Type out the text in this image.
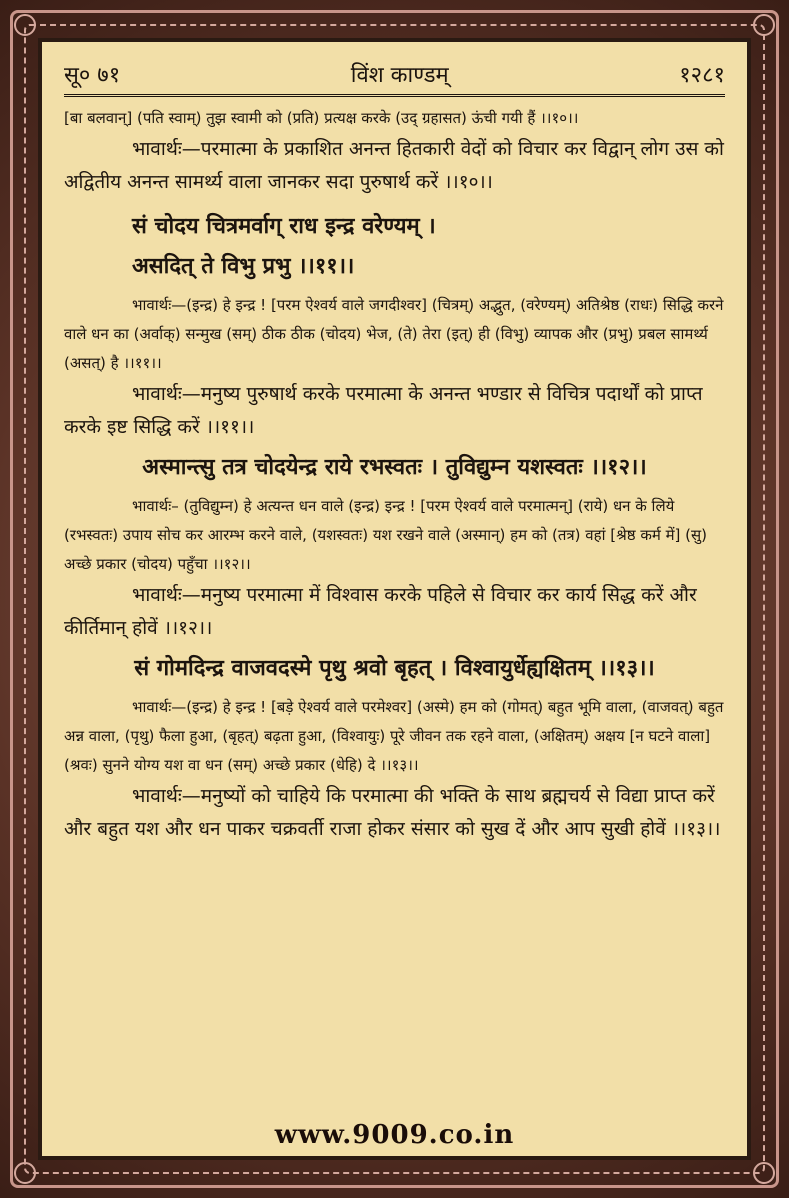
सू० ७१	विंश काण्डम्	१२८१

[बा बलवान्] (पति स्वाम्) तुझ स्वामी को (प्रति) प्रत्यक्ष करके (उद् ग्रहासत) ऊंची गयी हैं ।।१०।।

भावार्थः—परमात्मा के प्रकाशित अनन्त हितकारी वेदों को विचार कर विद्वान् लोग उस को अद्वितीय अनन्त सामर्थ्य वाला जानकर सदा पुरुषार्थ करें ।।१०।।

सं चोदय चित्रमर्वाग् राध इन्द्र वरेण्यम् ।

असदित् ते विभु प्रभु ।।११।।

भावार्थः—(इन्द्र) हे इन्द्र ! [परम ऐश्वर्य वाले जगदीश्वर] (चित्रम्) अद्भुत, (वरेण्यम्) अतिश्रेष्ठ (राधः) सिद्धि करने वाले धन का (अर्वाक्) सन्मुख (सम्) ठीक ठीक (चोदय) भेज, (ते) तेरा (इत्) ही (विभु) व्यापक और (प्रभु) प्रबल सामर्थ्य (असत्) है ।।११।।

भावार्थः—मनुष्य पुरुषार्थ करके परमात्मा के अनन्त भण्डार से विचित्र पदार्थों को प्राप्त करके इष्ट सिद्धि करें ।।११।।

अस्मान्त्सु तत्र चोदयेन्द्र राये रभस्वतः । तुविद्युम्न यशस्वतः ।।१२।।

भावार्थः– (तुविद्युम्न) हे अत्यन्त धन वाले (इन्द्र) इन्द्र ! [परम ऐश्वर्य वाले परमात्मन्] (राये) धन के लिये (रभस्वतः) उपाय सोच कर आरम्भ करने वाले, (यशस्वतः) यश रखने वाले (अस्मान्) हम को (तत्र) वहां [श्रेष्ठ कर्म में] (सु) अच्छे प्रकार (चोदय) पहुँचा ।।१२।।

भावार्थः—मनुष्य परमात्मा में विश्वास करके पहिले से विचार कर कार्य सिद्ध करें और कीर्तिमान् होवें ।।१२।।

सं गोमदिन्द्र वाजवदस्मे पृथु श्रवो बृहत् । विश्वायुर्धेह्यक्षितम् ।।१३।।

भावार्थः—(इन्द्र) हे इन्द्र ! [बड़े ऐश्वर्य वाले परमेश्वर] (अस्मे) हम को (गोमत्) बहुत भूमि वाला, (वाजवत्) बहुत अन्न वाला, (पृथु) फैला हुआ, (बृहत्) बढ़ता हुआ, (विश्वायुः) पूरे जीवन तक रहने वाला, (अक्षितम्) अक्षय [न घटने वाला] (श्रवः) सुनने योग्य यश वा धन (सम्) अच्छे प्रकार (धेहि) दे ।।१३।।

भावार्थः—मनुष्यों को चाहिये कि परमात्मा की भक्ति के साथ ब्रह्मचर्य से विद्या प्राप्त करें और बहुत यश और धन पाकर चक्रवर्ती राजा होकर संसार को सुख दें और आप सुखी होवें ।।१३।।

www.9009.co.in
